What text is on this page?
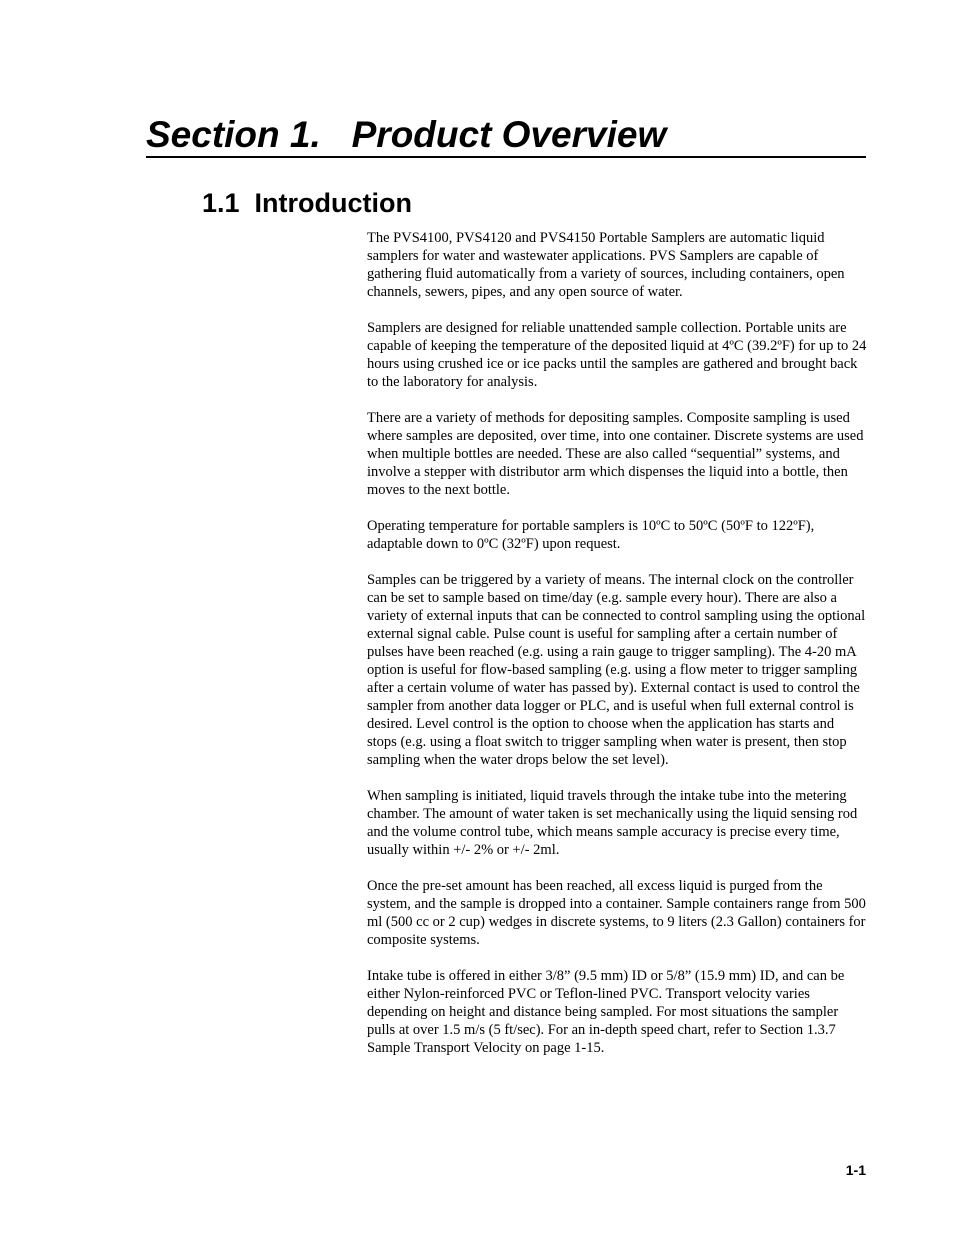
Section 1.   Product Overview
1.1  Introduction

The PVS4100, PVS4120 and PVS4150 Portable Samplers are automatic liquid samplers for water and wastewater applications. PVS Samplers are capable of gathering fluid automatically from a variety of sources, including containers, open channels, sewers, pipes, and any open source of water.

Samplers are designed for reliable unattended sample collection. Portable units are capable of keeping the temperature of the deposited liquid at 4ºC (39.2ºF) for up to 24 hours using crushed ice or ice packs until the samples are gathered and brought back to the laboratory for analysis.

There are a variety of methods for depositing samples. Composite sampling is used where samples are deposited, over time, into one container. Discrete systems are used when multiple bottles are needed. These are also called “sequential” systems, and involve a stepper with distributor arm which dispenses the liquid into a bottle, then moves to the next bottle.

Operating temperature for portable samplers is 10ºC to 50ºC (50ºF to 122ºF), adaptable down to 0ºC (32ºF) upon request.

Samples can be triggered by a variety of means. The internal clock on the controller can be set to sample based on time/day (e.g. sample every hour). There are also a variety of external inputs that can be connected to control sampling using the optional external signal cable. Pulse count is useful for sampling after a certain number of pulses have been reached (e.g. using a rain gauge to trigger sampling). The 4-20 mA option is useful for flow-based sampling (e.g. using a flow meter to trigger sampling after a certain volume of water has passed by). External contact is used to control the sampler from another data logger or PLC, and is useful when full external control is desired. Level control is the option to choose when the application has starts and stops (e.g. using a float switch to trigger sampling when water is present, then stop sampling when the water drops below the set level).

When sampling is initiated, liquid travels through the intake tube into the metering chamber. The amount of water taken is set mechanically using the liquid sensing rod and the volume control tube, which means sample accuracy is precise every time, usually within +/- 2% or +/- 2ml.

Once the pre-set amount has been reached, all excess liquid is purged from the system, and the sample is dropped into a container. Sample containers range from 500 ml (500 cc or 2 cup) wedges in discrete systems, to 9 liters (2.3 Gallon) containers for composite systems.

Intake tube is offered in either 3/8” (9.5 mm) ID or 5/8” (15.9 mm) ID, and can be either Nylon-reinforced PVC or Teflon-lined PVC. Transport velocity varies depending on height and distance being sampled. For most situations the sampler pulls at over 1.5 m/s (5 ft/sec). For an in-depth speed chart, refer to Section 1.3.7 Sample Transport Velocity on page 1-15.

1-1
